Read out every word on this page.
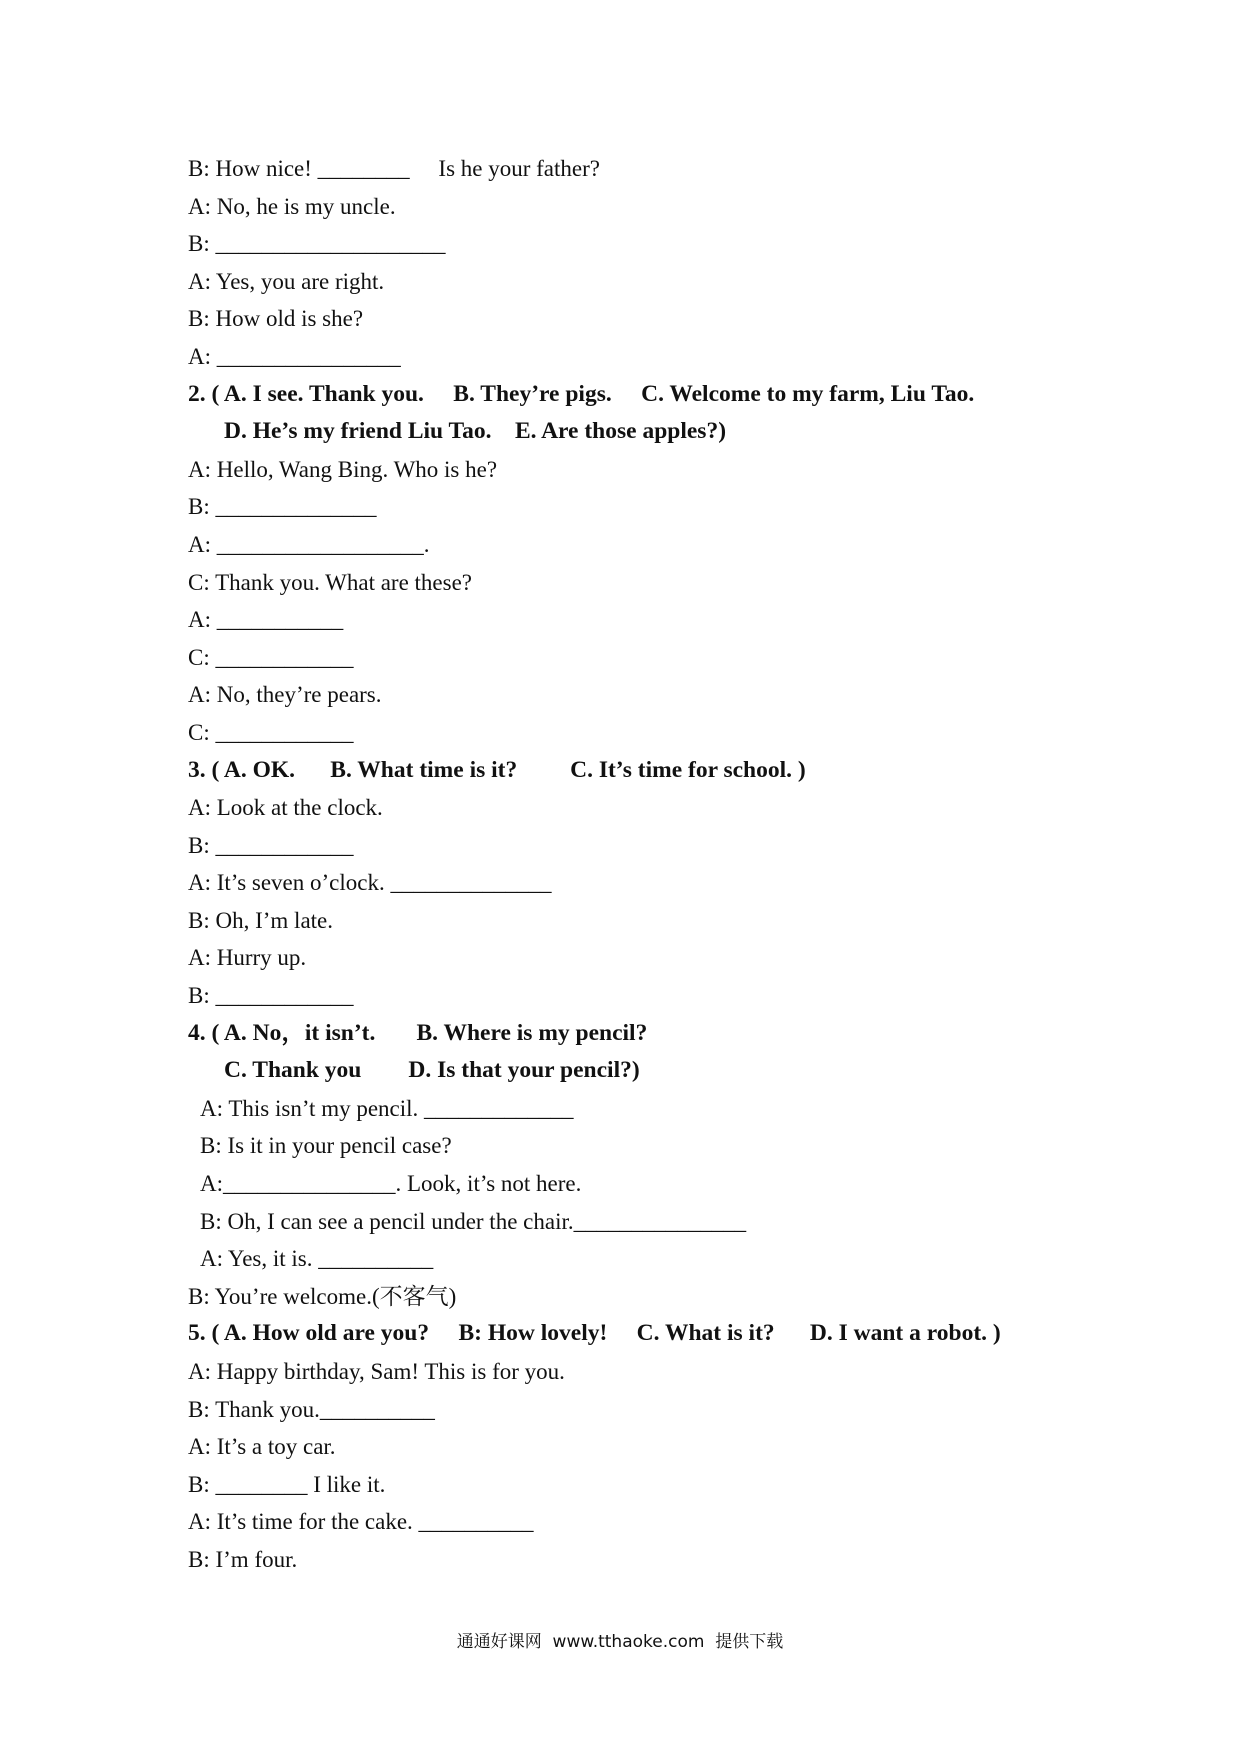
B: How nice! ________     Is he your father?
A: No, he is my uncle.
B: ____________________
A: Yes, you are right.
B: How old is she?
A: ________________
2. ( A. I see. Thank you.     B. They’re pigs.     C. Welcome to my farm, Liu Tao.
D. He’s my friend Liu Tao.    E. Are those apples?)
A: Hello, Wang Bing. Who is he?
B: ______________
A: __________________.
C: Thank you. What are these?
A: ___________
C: ____________
A: No, they’re pears.
C: ____________
3. ( A. OK.      B. What time is it?         C. It’s time for school. )
A: Look at the clock.
B: ____________
A: It’s seven o’clock. ______________
B: Oh, I’m late.
A: Hurry up.
B: ____________
4. ( A. No，it isn’t.       B. Where is my pencil?
C. Thank you        D. Is that your pencil?)
A: This isn’t my pencil. _____________
B: Is it in your pencil case?
A:_______________. Look, it’s not here.
B: Oh, I can see a pencil under the chair._______________
A: Yes, it is. __________
B: You’re welcome.(不客气)
5. ( A. How old are you?     B: How lovely!     C. What is it?      D. I want a robot. )
A: Happy birthday, Sam! This is for you.
B: Thank you.__________
A: It’s a toy car.
B: ________ I like it.
A: It’s time for the cake. __________
B: I’m four.
通通好课网  www.tthaoke.com  提供下载
